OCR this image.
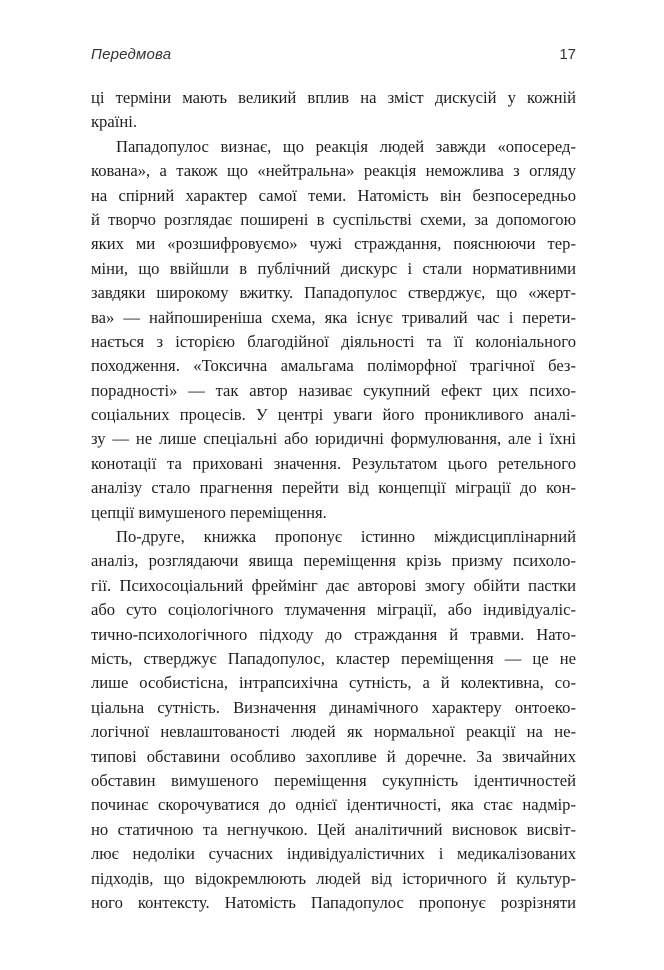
Передмова	17
ці терміни мають великий вплив на зміст дискусій у кожній
країні.
Пападопулос визнає, що реакція людей завжди «опосеред-
кована», а також що «нейтральна» реакція неможлива з огляду
на спірний характер самої теми. Натомість він безпосередньо
й творчо розглядає поширені в суспільстві схеми, за допомогою
яких ми «розшифровуємо» чужі страждання, пояснюючи тер-
міни, що ввійшли в публічний дискурс і стали нормативними
завдяки широкому вжитку. Пападопулос стверджує, що «жерт-
ва» — найпоширеніша схема, яка існує тривалий час і перети-
нається з історією благодійної діяльності та її колоніального
походження. «Токсична амальгама поліморфної трагічної без-
порадності» — так автор називає сукупний ефект цих психо-
соціальних процесів. У центрі уваги його проникливого аналі-
зу — не лише спеціальні або юридичні формулювання, але і їхні
конотації та приховані значення. Результатом цього ретельного
аналізу стало прагнення перейти від концепції міграції до кон-
цепції вимушеного переміщення.
По-друге, книжка пропонує істинно міждисциплінарний
аналіз, розглядаючи явища переміщення крізь призму психоло-
гії. Психосоціальний фреймінг дає авторові змогу обійти пастки
або суто соціологічного тлумачення міграції, або індивідуаліс-
тично-психологічного підходу до страждання й травми. Нато-
мість, стверджує Пападопулос, кластер переміщення — це не
лише особистісна, інтрапсихічна сутність, а й колективна, со-
ціальна сутність. Визначення динамічного характеру онтоеко-
логічної невлаштованості людей як нормальної реакції на не-
типові обставини особливо захопливе й доречне. За звичайних
обставин вимушеного переміщення сукупність ідентичностей
починає скорочуватися до однієї ідентичності, яка стає надмір-
но статичною та негнучкою. Цей аналітичний висновок висвіт-
лює недоліки сучасних індивідуалістичних і медикалізованих
підходів, що відокремлюють людей від історичного й культур-
ного контексту. Натомість Пападопулос пропонує розрізняти
